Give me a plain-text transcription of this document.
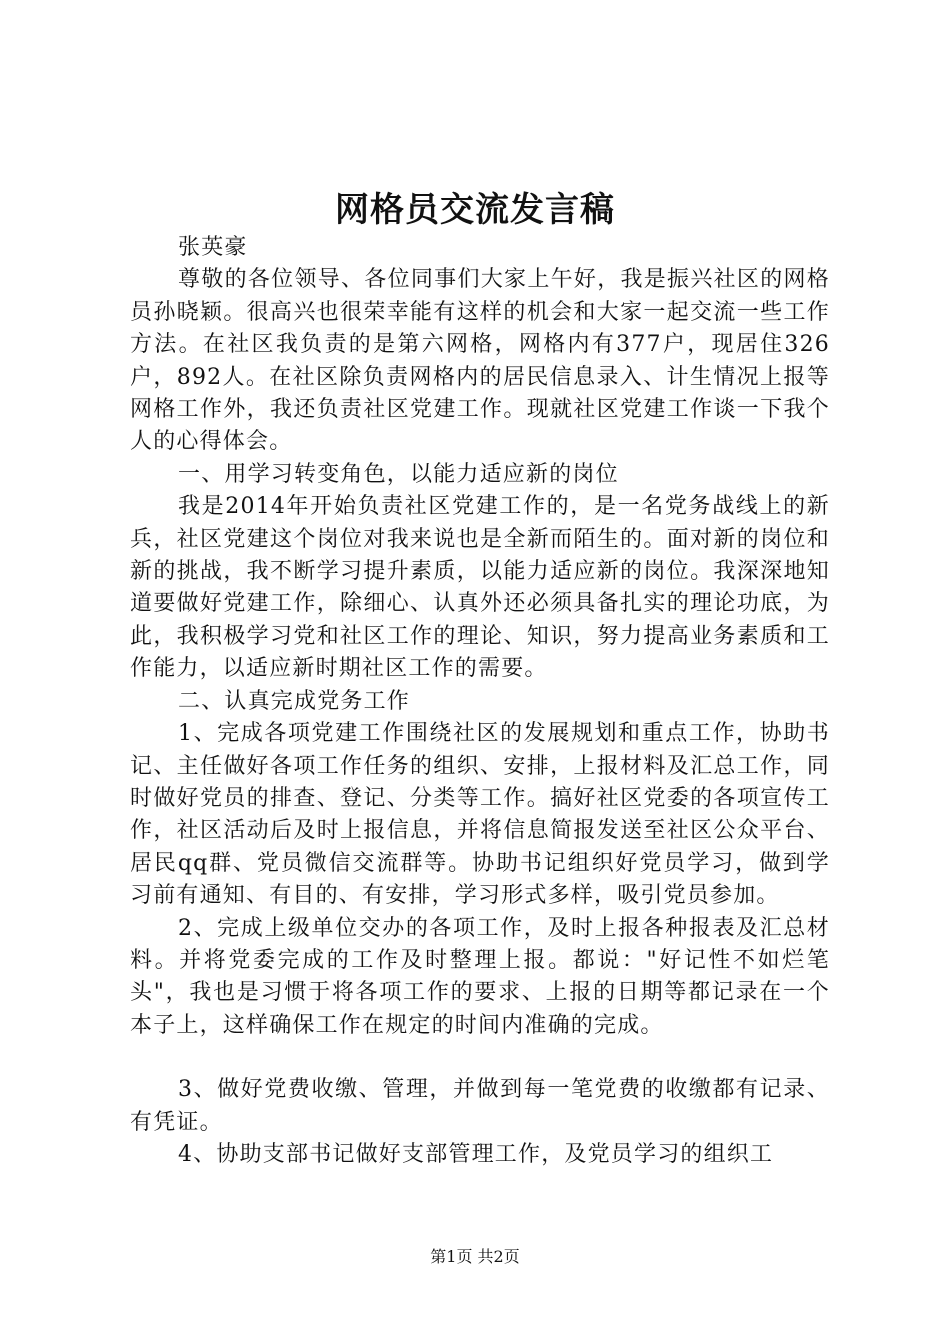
网格员交流发言稿

张英豪

尊敬的各位领导、各位同事们大家上午好，我是振兴社区的网格员孙晓颖。很高兴也很荣幸能有这样的机会和大家一起交流一些工作方法。在社区我负责的是第六网格，网格内有377户，现居住326户，892人。在社区除负责网格内的居民信息录入、计生情况上报等网格工作外，我还负责社区党建工作。现就社区党建工作谈一下我个人的心得体会。

一、用学习转变角色，以能力适应新的岗位

我是2014年开始负责社区党建工作的，是一名党务战线上的新兵，社区党建这个岗位对我来说也是全新而陌生的。面对新的岗位和新的挑战，我不断学习提升素质，以能力适应新的岗位。我深深地知道要做好党建工作，除细心、认真外还必须具备扎实的理论功底，为此，我积极学习党和社区工作的理论、知识，努力提高业务素质和工作能力，以适应新时期社区工作的需要。

二、认真完成党务工作

1、完成各项党建工作围绕社区的发展规划和重点工作，协助书记、主任做好各项工作任务的组织、安排，上报材料及汇总工作，同时做好党员的排查、登记、分类等工作。搞好社区党委的各项宣传工作，社区活动后及时上报信息，并将信息简报发送至社区公众平台、居民qq群、党员微信交流群等。协助书记组织好党员学习，做到学习前有通知、有目的、有安排，学习形式多样，吸引党员参加。

2、完成上级单位交办的各项工作，及时上报各种报表及汇总材料。并将党委完成的工作及时整理上报。都说："好记性不如烂笔头"，我也是习惯于将各项工作的要求、上报的日期等都记录在一个本子上，这样确保工作在规定的时间内准确的完成。

3、做好党费收缴、管理，并做到每一笔党费的收缴都有记录、有凭证。

4、协助支部书记做好支部管理工作，及党员学习的组织工

第1页 共2页
